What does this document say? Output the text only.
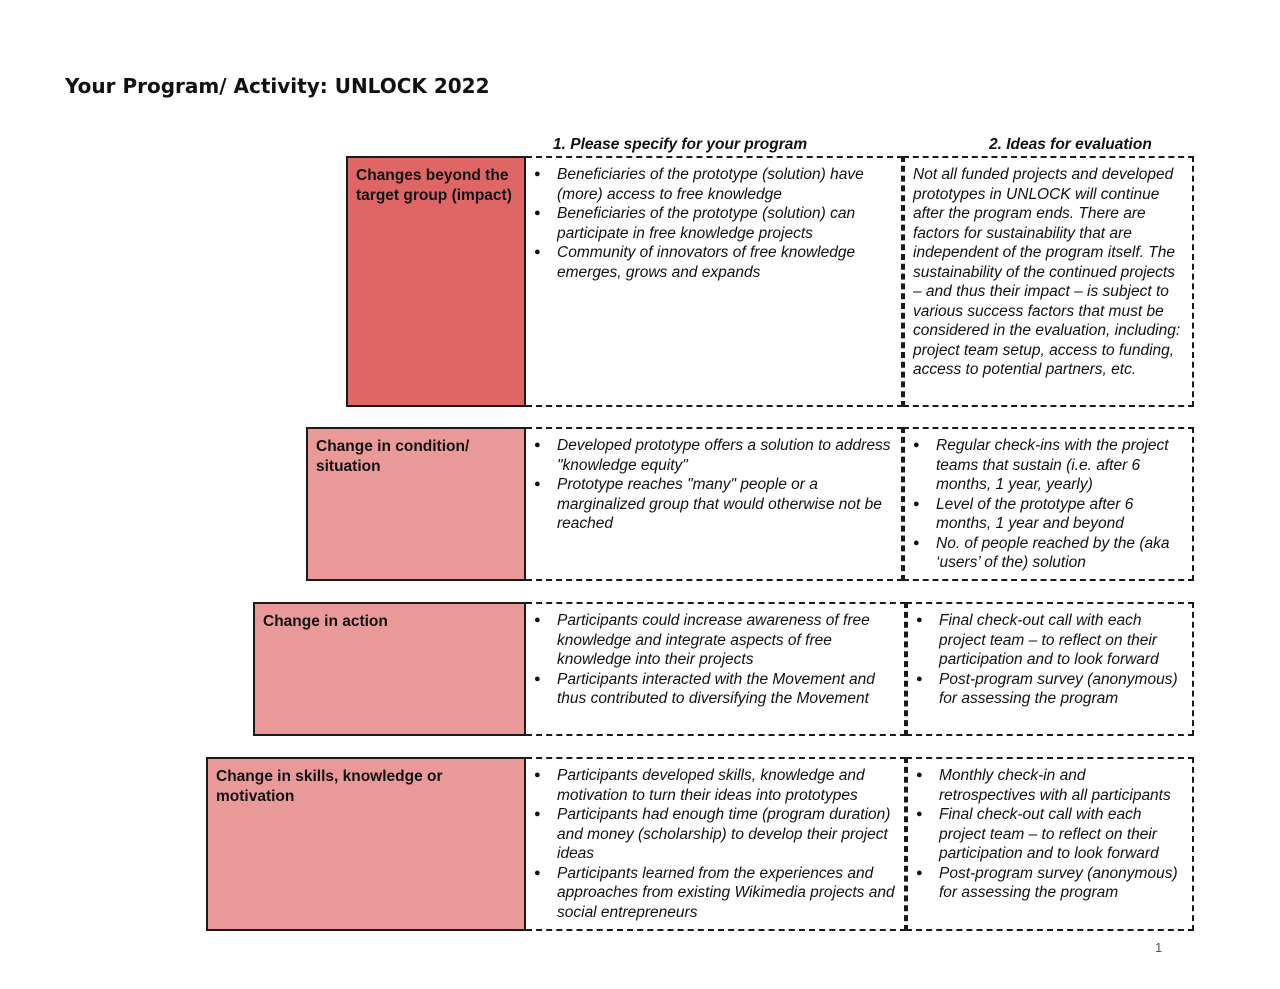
Your Program/ Activity: UNLOCK 2022
1. Please specify for your program	2. Ideas for evaluation
Changes beyond the target group (impact)
● Beneficiaries of the prototype (solution) have (more) access to free knowledge
● Beneficiaries of the prototype (solution) can participate in free knowledge projects
● Community of innovators of free knowledge emerges, grows and expands

Not all funded projects and developed prototypes in UNLOCK will continue after the program ends. There are factors for sustainability that are independent of the program itself. The sustainability of the continued projects – and thus their impact – is subject to various success factors that must be considered in the evaluation, including: project team setup, access to funding, access to potential partners, etc.

Change in condition/ situation
● Developed prototype offers a solution to address "knowledge equity"
● Prototype reaches "many" people or a marginalized group that would otherwise not be reached
● Regular check-ins with the project teams that sustain (i.e. after 6 months, 1 year, yearly)
● Level of the prototype after 6 months, 1 year and beyond
● No. of people reached by the (aka ‘users’ of the) solution
Change in action
●	Participants could increase awareness of free knowledge and integrate aspects of free knowledge into their projects
● Participants interacted with the Movement and thus contributed to diversifying the Movement
● Final check-out call with each project team – to reflect on their participation and to look forward
● Post-program survey (anonymous) for assessing the program
Change in skills, knowledge or motivation
● Participants developed skills, knowledge and motivation to turn their ideas into prototypes
● Participants had enough time (program duration) and money (scholarship) to develop their project ideas
● Participants learned from the experiences and approaches from existing Wikimedia projects and social entrepreneurs
● Monthly check-in and retrospectives with all participants
● Final check-out call with each project team – to reflect on their participation and to look forward
● Post-program survey (anonymous) for assessing the program
1
